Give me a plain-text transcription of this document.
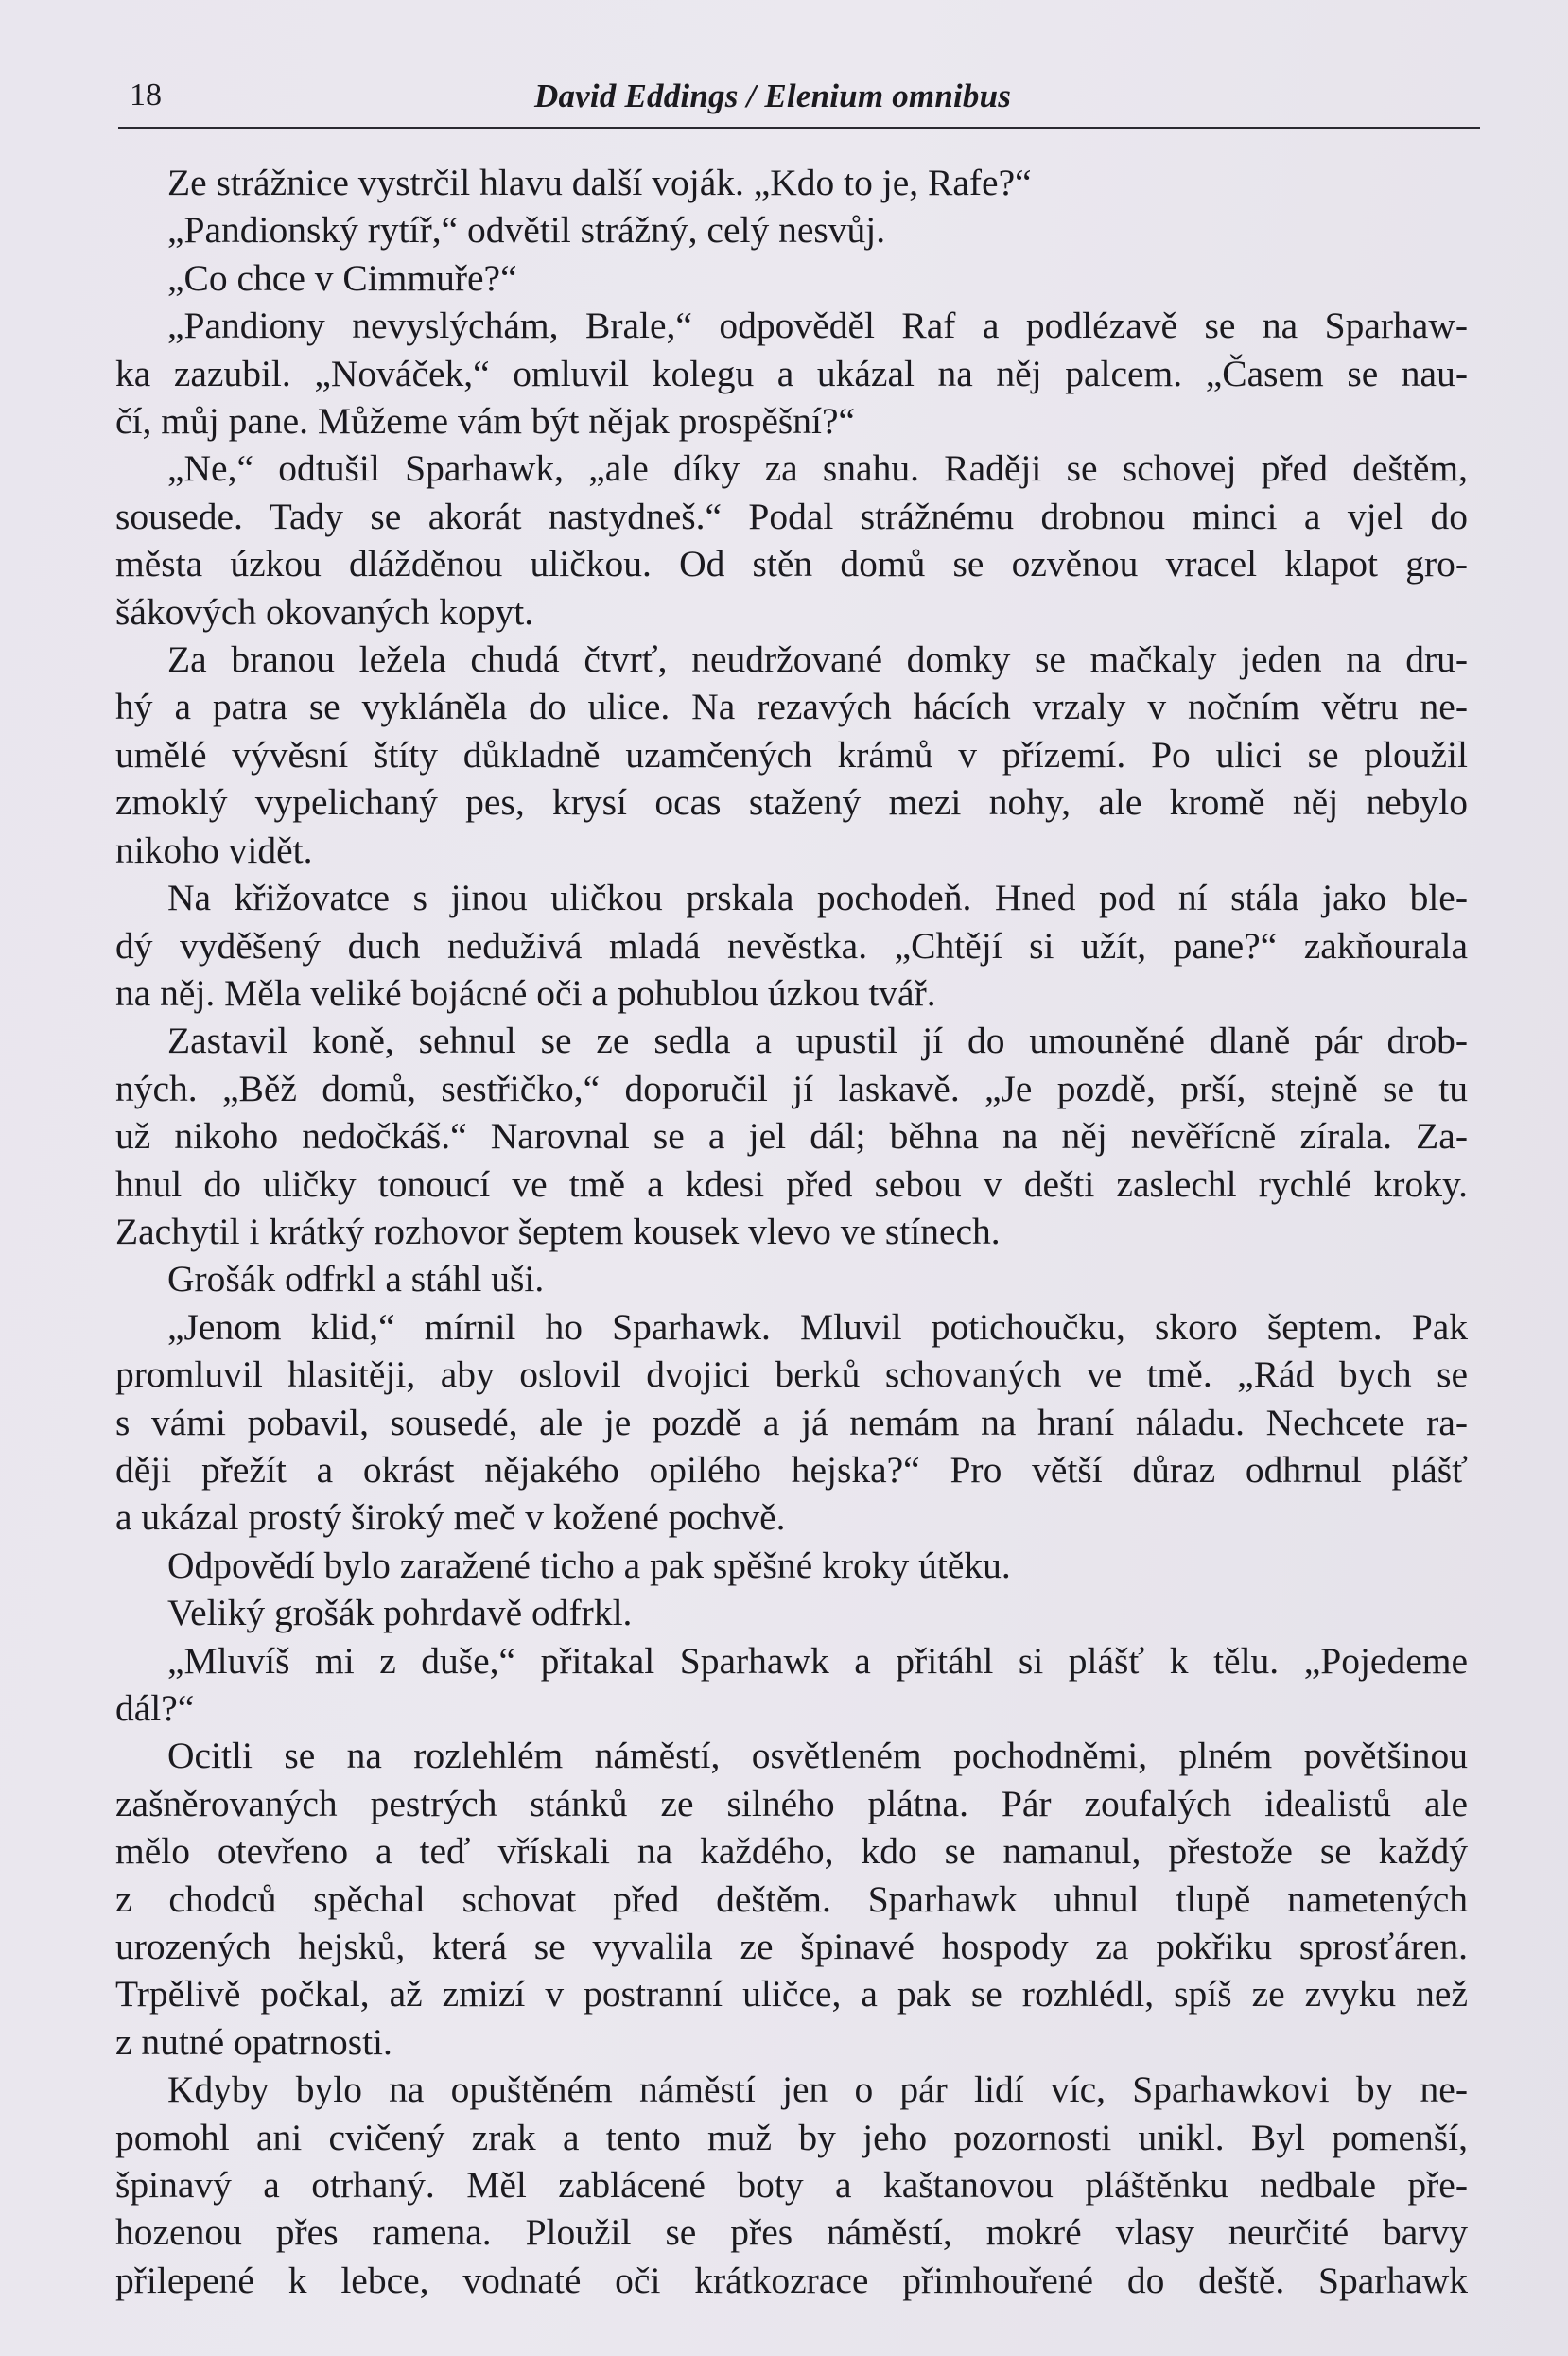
18	David Eddings / Elenium omnibus
Ze strážnice vystrčil hlavu další voják. „Kdo to je, Rafe?“
„Pandionský rytíř,“ odvětil strážný, celý nesvůj.
„Co chce v Cimmuře?“
„Pandiony nevyslýchám, Brale,“ odpověděl Raf a podlézavě se na Sparhaw-
ka zazubil. „Nováček,“ omluvil kolegu a ukázal na něj palcem. „Časem se nau-
čí, můj pane. Můžeme vám být nějak prospěšní?“
„Ne,“ odtušil Sparhawk, „ale díky za snahu. Raději se schovej před deštěm,
sousede. Tady se akorát nastydneš.“ Podal strážnému drobnou minci a vjel do
města úzkou dlážděnou uličkou. Od stěn domů se ozvěnou vracel klapot gro-
šákových okovaných kopyt.
Za branou ležela chudá čtvrť, neudržované domky se mačkaly jeden na dru-
hý a patra se vykláněla do ulice. Na rezavých hácích vrzaly v nočním větru ne-
umělé vývěsní štíty důkladně uzamčených krámů v přízemí. Po ulici se ploužil
zmoklý vypelichaný pes, krysí ocas stažený mezi nohy, ale kromě něj nebylo
nikoho vidět.
Na křižovatce s jinou uličkou prskala pochodeň. Hned pod ní stála jako ble-
dý vyděšený duch neduživá mladá nevěstka. „Chtějí si užít, pane?“ zakňourala
na něj. Měla veliké bojácné oči a pohublou úzkou tvář.
Zastavil koně, sehnul se ze sedla a upustil jí do umouněné dlaně pár drob-
ných. „Běž domů, sestřičko,“ doporučil jí laskavě. „Je pozdě, prší, stejně se tu
už nikoho nedočkáš.“ Narovnal se a jel dál; běhna na něj nevěřícně zírala. Za-
hnul do uličky tonoucí ve tmě a kdesi před sebou v dešti zaslechl rychlé kroky.
Zachytil i krátký rozhovor šeptem kousek vlevo ve stínech.
Grošák odfrkl a stáhl uši.
„Jenom klid,“ mírnil ho Sparhawk. Mluvil potichoučku, skoro šeptem. Pak
promluvil hlasitěji, aby oslovil dvojici berků schovaných ve tmě. „Rád bych se
s vámi pobavil, sousedé, ale je pozdě a já nemám na hraní náladu. Nechcete ra-
ději přežít a okrást nějakého opilého hejska?“ Pro větší důraz odhrnul plášť
a ukázal prostý široký meč v kožené pochvě.
Odpovědí bylo zaražené ticho a pak spěšné kroky útěku.
Veliký grošák pohrdavě odfrkl.
„Mluvíš mi z duše,“ přitakal Sparhawk a přitáhl si plášť k tělu. „Pojedeme
dál?“
Ocitli se na rozlehlém náměstí, osvětleném pochodněmi, plném povětšinou
zašněrovaných pestrých stánků ze silného plátna. Pár zoufalých idealistů ale
mělo otevřeno a teď vřískali na každého, kdo se namanul, přestože se každý
z chodců spěchal schovat před deštěm. Sparhawk uhnul tlupě nametených
urozených hejsků, která se vyvalila ze špinavé hospody za pokřiku sprosťáren.
Trpělivě počkal, až zmizí v postranní uličce, a pak se rozhlédl, spíš ze zvyku než
z nutné opatrnosti.
Kdyby bylo na opuštěném náměstí jen o pár lidí víc, Sparhawkovi by ne-
pomohl ani cvičený zrak a tento muž by jeho pozornosti unikl. Byl pomenší,
špinavý a otrhaný. Měl zablácené boty a kaštanovou pláštěnku nedbale pře-
hozenou přes ramena. Ploužil se přes náměstí, mokré vlasy neurčité barvy
přilepené k lebce, vodnaté oči krátkozrace přimhouřené do deště. Sparhawk
